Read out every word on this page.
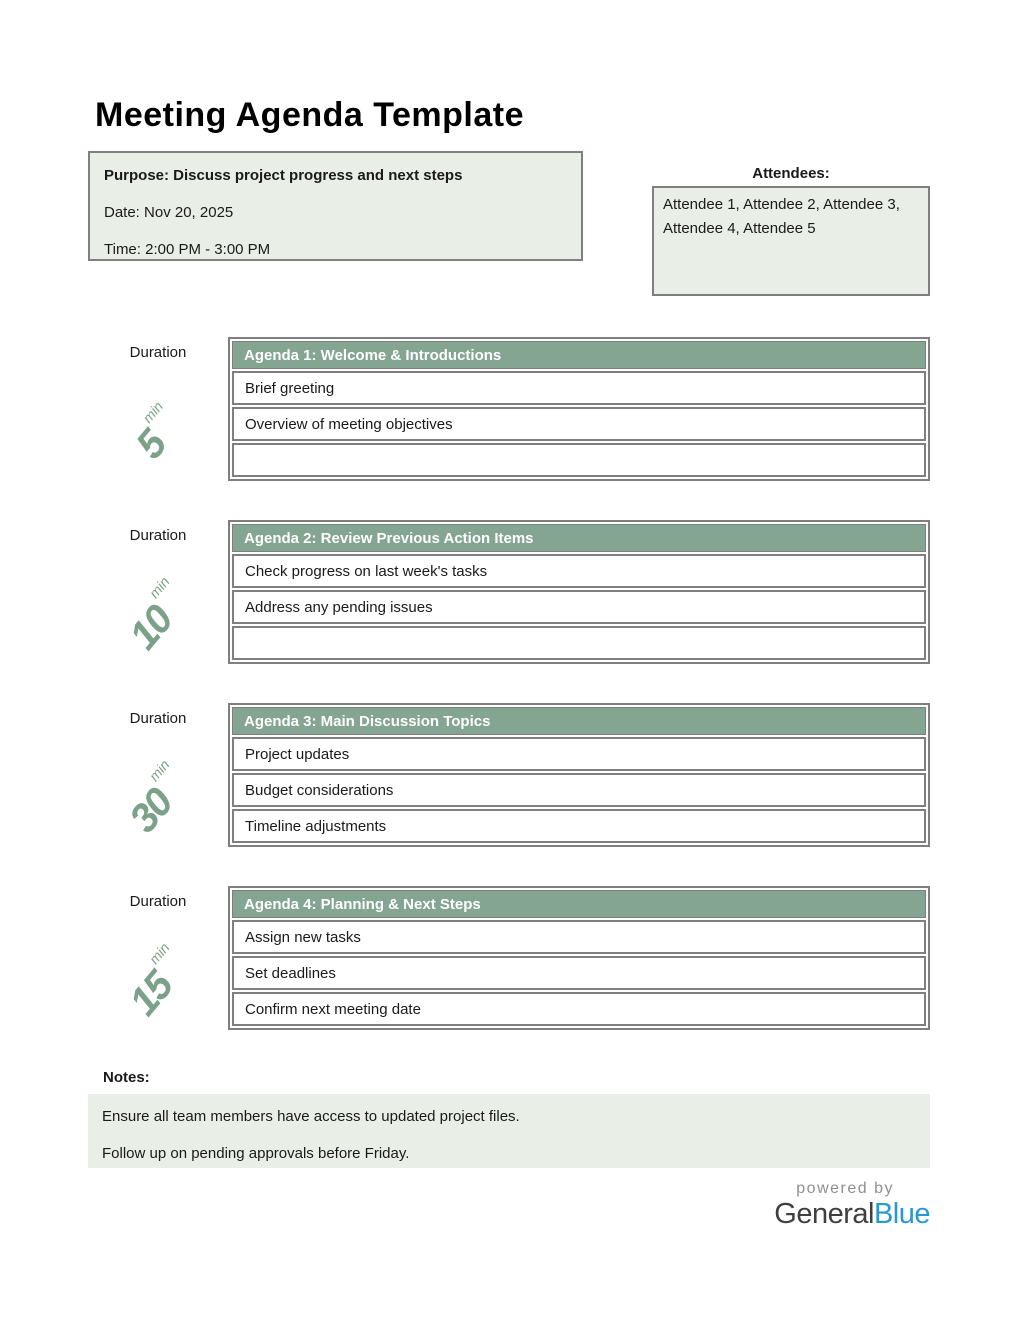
Meeting Agenda Template

Purpose: Discuss project progress and next steps

Date: Nov 20, 2025

Time: 2:00 PM - 3:00 PM

Attendees:
Attendee 1, Attendee 2, Attendee 3, Attendee 4, Attendee 5
Duration
5min
Agenda 1: Welcome & Introductions
Brief greeting
Overview of meeting objectives
Duration
10min
Agenda 2: Review Previous Action Items
Check progress on last week's tasks
Address any pending issues
Duration
30min
Agenda 3: Main Discussion Topics
Project updates
Budget considerations
Timeline adjustments
Duration
15min
Agenda 4: Planning & Next Steps
Assign new tasks
Set deadlines
Confirm next meeting date
Notes:

Ensure all team members have access to updated project files.

Follow up on pending approvals before Friday.

powered by
GeneralBlue
